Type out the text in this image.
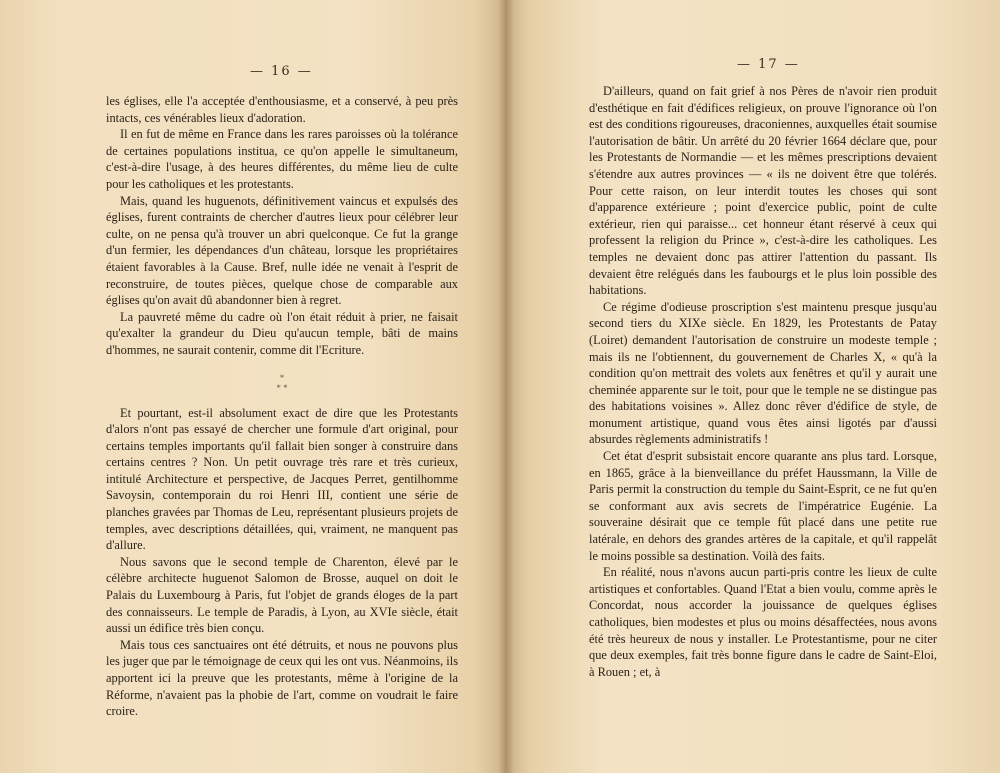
— 16 —

les églises, elle l'a acceptée d'enthousiasme, et a conservé, à peu près intacts, ces vénérables lieux d'adoration.

Il en fut de même en France dans les rares paroisses où la tolérance de certaines populations institua, ce qu'on appelle le simultaneum, c'est-à-dire l'usage, à des heures différentes, du même lieu de culte pour les catholiques et les protestants.

Mais, quand les huguenots, définitivement vaincus et expulsés des églises, furent contraints de chercher d'autres lieux pour célébrer leur culte, on ne pensa qu'à trouver un abri quelconque. Ce fut la grange d'un fermier, les dépendances d'un château, lorsque les propriétaires étaient favorables à la Cause. Bref, nulle idée ne venait à l'esprit de reconstruire, de toutes pièces, quelque chose de comparable aux églises qu'on avait dû abandonner bien à regret.

La pauvreté même du cadre où l'on était réduit à prier, ne faisait qu'exalter la grandeur du Dieu qu'aucun temple, bâti de mains d'hommes, ne saurait contenir, comme dit l'Ecriture.

*
* *

Et pourtant, est-il absolument exact de dire que les Protestants d'alors n'ont pas essayé de chercher une formule d'art original, pour certains temples importants qu'il fallait bien songer à construire dans certains centres ? Non. Un petit ouvrage très rare et très curieux, intitulé Architecture et perspective, de Jacques Perret, gentilhomme Savoysin, contemporain du roi Henri III, contient une série de planches gravées par Thomas de Leu, représentant plusieurs projets de temples, avec descriptions détaillées, qui, vraiment, ne manquent pas d'allure.

Nous savons que le second temple de Charenton, élevé par le célèbre architecte huguenot Salomon de Brosse, auquel on doit le Palais du Luxembourg à Paris, fut l'objet de grands éloges de la part des connaisseurs. Le temple de Paradis, à Lyon, au XVIe siècle, était aussi un édifice très bien conçu.

Mais tous ces sanctuaires ont été détruits, et nous ne pouvons plus les juger que par le témoignage de ceux qui les ont vus. Néanmoins, ils apportent ici la preuve que les protestants, même à l'origine de la Réforme, n'avaient pas la phobie de l'art, comme on voudrait le faire croire.

— 17 —

D'ailleurs, quand on fait grief à nos Pères de n'avoir rien produit d'esthétique en fait d'édifices religieux, on prouve l'ignorance où l'on est des conditions rigoureuses, draconiennes, auxquelles était soumise l'autorisation de bâtir. Un arrêté du 20 février 1664 déclare que, pour les Protestants de Normandie — et les mêmes prescriptions devaient s'étendre aux autres provinces — « ils ne doivent être que tolérés. Pour cette raison, on leur interdit toutes les choses qui sont d'apparence extérieure ; point d'exercice public, point de culte extérieur, rien qui paraisse... cet honneur étant réservé à ceux qui professent la religion du Prince », c'est-à-dire les catholiques. Les temples ne devaient donc pas attirer l'attention du passant. Ils devaient être relégués dans les faubourgs et le plus loin possible des habitations.

Ce régime d'odieuse proscription s'est maintenu presque jusqu'au second tiers du XIXe siècle. En 1829, les Protestants de Patay (Loiret) demandent l'autorisation de construire un modeste temple ; mais ils ne l'obtiennent, du gouvernement de Charles X, « qu'à la condition qu'on mettrait des volets aux fenêtres et qu'il y aurait une cheminée apparente sur le toit, pour que le temple ne se distingue pas des habitations voisines ». Allez donc rêver d'édifice de style, de monument artistique, quand vous êtes ainsi ligotés par d'aussi absurdes règlements administratifs !

Cet état d'esprit subsistait encore quarante ans plus tard. Lorsque, en 1865, grâce à la bienveillance du préfet Haussmann, la Ville de Paris permit la construction du temple du Saint-Esprit, ce ne fut qu'en se conformant aux avis secrets de l'impératrice Eugénie. La souveraine désirait que ce temple fût placé dans une petite rue latérale, en dehors des grandes artères de la capitale, et qu'il rappelât le moins possible sa destination. Voilà des faits.

En réalité, nous n'avons aucun parti-pris contre les lieux de culte artistiques et confortables. Quand l'Etat a bien voulu, comme après le Concordat, nous accorder la jouissance de quelques églises catholiques, bien modestes et plus ou moins désaffectées, nous avons été très heureux de nous y installer. Le Protestantisme, pour ne citer que deux exemples, fait très bonne figure dans le cadre de Saint-Eloi, à Rouen ; et, à
